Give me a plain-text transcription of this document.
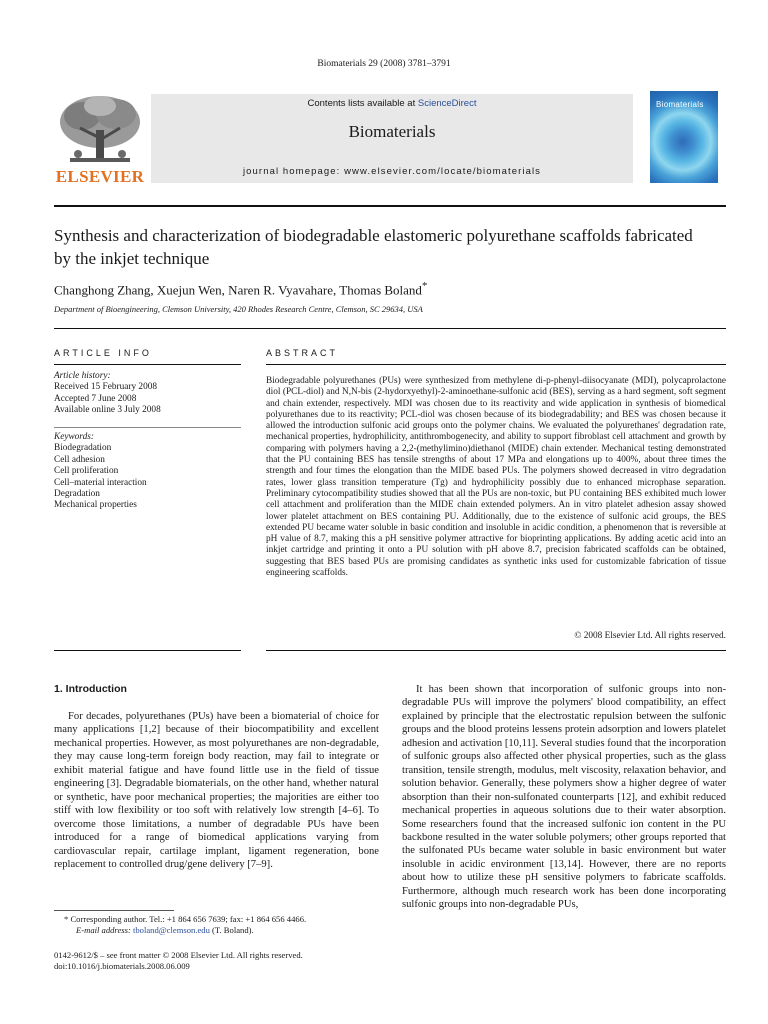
Biomaterials 29 (2008) 3781–3791
ELSEVIER
Contents lists available at ScienceDirect
Biomaterials
journal homepage: www.elsevier.com/locate/biomaterials
Biomaterials
Synthesis and characterization of biodegradable elastomeric polyurethane scaffolds fabricated by the inkjet technique
Changhong Zhang, Xuejun Wen, Naren R. Vyavahare, Thomas Boland*
Department of Bioengineering, Clemson University, 420 Rhodes Research Centre, Clemson, SC 29634, USA
ARTICLE INFO	ABSTRACT
Article history:
Received 15 February 2008
Accepted 7 June 2008
Available online 3 July 2008
Keywords:
Biodegradation
Cell adhesion
Cell proliferation
Cell–material interaction
Degradation
Mechanical properties
Biodegradable polyurethanes (PUs) were synthesized from methylene di-p-phenyl-diisocyanate (MDI), polycaprolactone diol (PCL-diol) and N,N-bis (2-hydorxyethyl)-2-aminoethane-sulfonic acid (BES), serving as a hard segment, soft segment and chain extender, respectively. MDI was chosen due to its reactivity and wide application in synthesis of biomedical polyurethanes due to its reactivity; PCL-diol was chosen because of its biodegradability; and BES was chosen because it allowed the introduction sulfonic acid groups onto the polymer chains. We evaluated the polyurethanes' degradation rate, mechanical properties, hydrophilicity, antithrombogenecity, and ability to support fibroblast cell attachment and growth by comparing with polymers having a 2,2-(methylimino)diethanol (MIDE) chain extender. Mechanical testing demonstrated that the PU containing BES has tensile strengths of about 17 MPa and elongations up to 400%, about three times the strength and four times the elongation than the MIDE based PUs. The polymers showed decreased in vitro degradation rates, lower glass transition temperature (Tg) and hydrophilicity possibly due to enhanced microphase separation. Preliminary cytocompatibility studies showed that all the PUs are non-toxic, but PU containing BES exhibited much lower cell attachment and proliferation than the MIDE chain extended polymers. An in vitro platelet adhesion assay showed lower platelet attachment on BES containing PU. Additionally, due to the existence of sulfonic acid groups, the BES extended PU became water soluble in basic condition and insoluble in acidic condition, a phenomenon that is reversible at pH value of 8.7, making this a pH sensitive polymer attractive for bioprinting applications. By adding acetic acid into an inkjet cartridge and printing it onto a PU solution with pH above 8.7, precision fabricated scaffolds can be obtained, suggesting that BES based PUs are promising candidates as synthetic inks used for customizable fabrication of tissue engineering scaffolds.
© 2008 Elsevier Ltd. All rights reserved.
1. Introduction

For decades, polyurethanes (PUs) have been a biomaterial of choice for many applications [1,2] because of their biocompatibility and excellent mechanical properties. However, as most polyurethanes are non-degradable, they may cause long-term foreign body reaction, may fail to integrate or exhibit material fatigue and have found little use in the field of tissue engineering [3]. Degradable biomaterials, on the other hand, whether natural or synthetic, have poor mechanical properties; the majorities are either too stiff with low flexibility or too soft with relatively low strength [4–6]. To overcome those limitations, a number of degradable PUs have been introduced for a range of biomedical applications varying from cardiovascular repair, cartilage implant, ligament regeneration, bone replacement to controlled drug/gene delivery [7–9].

It has been shown that incorporation of sulfonic groups into non-degradable PUs will improve the polymers' blood compatibility, an effect explained by principle that the electrostatic repulsion between the sulfonic groups and the blood proteins lessens protein adsorption and lowers platelet adhesion and activation [10,11]. Several studies found that the incorporation of sulfonic groups also affected other physical properties, such as the glass transition, tensile strength, modulus, melt viscosity, relaxation behavior, and solution behavior. Generally, these polymers show a higher degree of water absorption than their non-sulfonated counterparts [12], and exhibit reduced mechanical properties in aqueous solutions due to their water absorption. Some researchers found that the increased sulfonic ion content in the PU backbone resulted in the water soluble polymers; other groups reported that the sulfonated PUs became water soluble in basic environment but water insoluble in acidic environment [13,14]. However, there are no reports about how to utilize these pH sensitive polymers to fabricate scaffolds. Furthermore, although much research work has been done incorporating sulfonic groups into non-degradable PUs,

* Corresponding author. Tel.: +1 864 656 7639; fax: +1 864 656 4466.
E-mail address: tboland@clemson.edu (T. Boland).
0142-9612/$ – see front matter © 2008 Elsevier Ltd. All rights reserved.
doi:10.1016/j.biomaterials.2008.06.009
